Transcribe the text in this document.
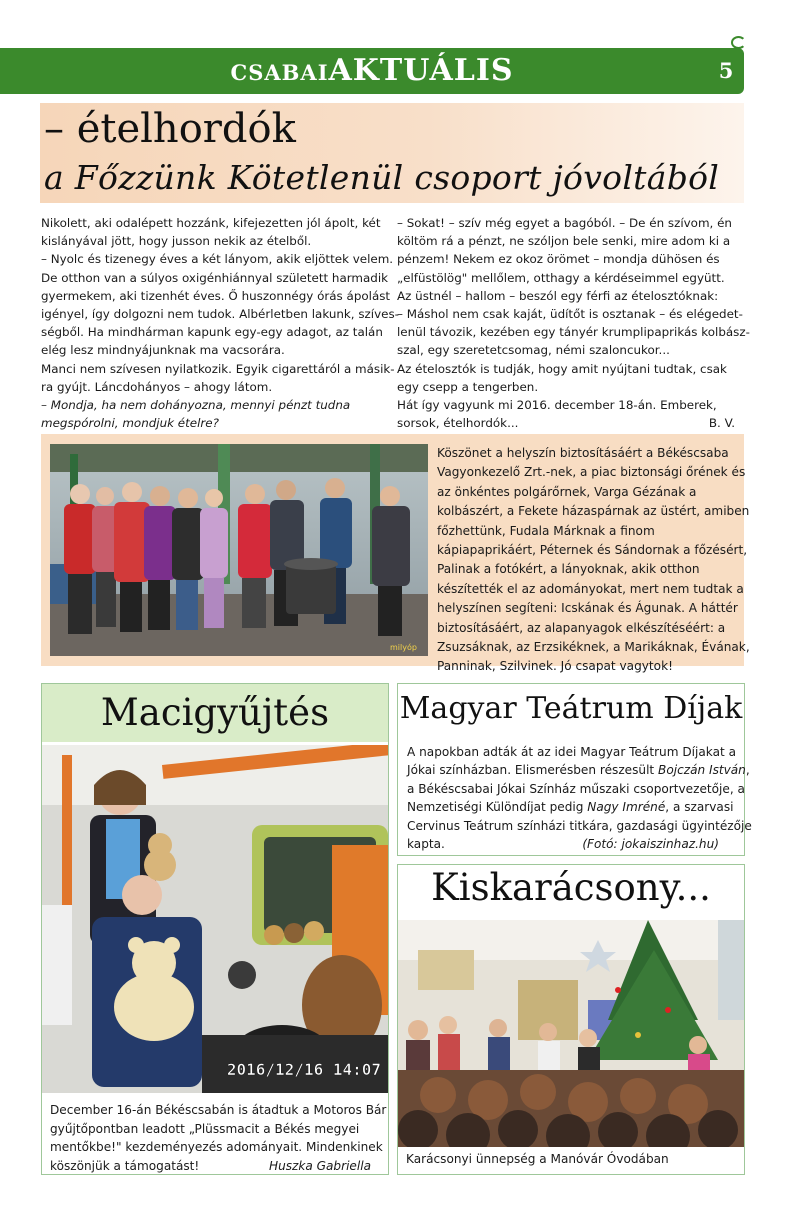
CSABAIAKTUÁLIS	5
– ételhordók
a Főzzünk Kötetlenül csoport jóvoltából

Nikolett, aki odalépett hozzánk, kifejezetten jól ápolt, két

kislányával jött, hogy jusson nekik az ételből.

– Nyolc és tizenegy éves a két lányom, akik eljöttek velem.

De otthon van a súlyos oxigénhiánnyal született harmadik

gyermekem, aki tizenhét éves. Ő huszonnégy órás ápolást

igényel, így dolgozni nem tudok. Albérletben lakunk, szíves-

ségből. Ha mindhárman kapunk egy-egy adagot, az talán

elég lesz mindnyájunknak ma vacsorára.

Manci nem szívesen nyilatkozik. Egyik cigarettáról a másik-

ra gyújt. Láncdohányos – ahogy látom.

– Mondja, ha nem dohányozna, mennyi pénzt tudna

megspórolni, mondjuk ételre?

– Sokat! – szív még egyet a bagóból. – De én szívom, én

költöm rá a pénzt, ne szóljon bele senki, mire adom ki a

pénzem! Nekem ez okoz örömet – mondja dühösen és

„elfüstölög" mellőlem, otthagy a kérdéseimmel együtt.

Az üstnél – hallom – beszól egy férfi az ételosztóknak:

– Máshol nem csak kaját, üdítőt is osztanak – és elégedet-

lenül távozik, kezében egy tányér krumplipaprikás kolbász-

szal, egy szeretetcsomag, némi szaloncukor...

Az ételosztók is tudják, hogy amit nyújtani tudtak, csak

egy csepp a tengerben.

Hát így vagyunk mi 2016. december 18-án. Emberek,

sorsok, ételhordók...	B. V.
milyóp

Köszönet a helyszín biztosításáért a Békéscsaba

Vagyonkezelő Zrt.-nek, a piac biztonsági őrének és

az önkéntes polgárőrnek, Varga Gézának a

kolbászért, a Fekete házaspárnak az üstért, amiben

főzhettünk, Fudala Márknak a finom

kápiapaprikáért, Péternek és Sándornak a főzésért,

Palinak a fotókért, a lányoknak, akik otthon

készítették el az adományokat, mert nem tudtak a

helyszínen segíteni: Icskának és Águnak. A háttér

biztosításáért, az alapanyagok elkészítéséért: a

Zsuzsáknak, az Erzsikéknek, a Marikáknak, Évának,

Panninak, Szilvinek. Jó csapat vagytok!

Macigyűjtés
2016/12/16 14:07

December 16-án Békéscsabán is átadtuk a Motoros Bár

gyűjtőpontban leadott „Plüssmacit a Békés megyei

mentőkbe!" kezdeményezés adományait. Mindenkinek

köszönjük a támogatást!	Huszka Gabriella
Magyar Teátrum Díjak

A napokban adták át az idei Magyar Teátrum Díjakat a

Jókai színházban. Elismerésben részesült Bojczán István,

a Békéscsabai Jókai Színház műszaki csoportvezetője, a

Nemzetiségi Különdíjat pedig Nagy Imréné, a szarvasi

Cervinus Teátrum színházi titkára, gazdasági ügyintézője

kapta.	(Fotó: jokaiszinhaz.hu)
Kiskarácsony...
Karácsonyi ünnepség a Manóvár Óvodában
